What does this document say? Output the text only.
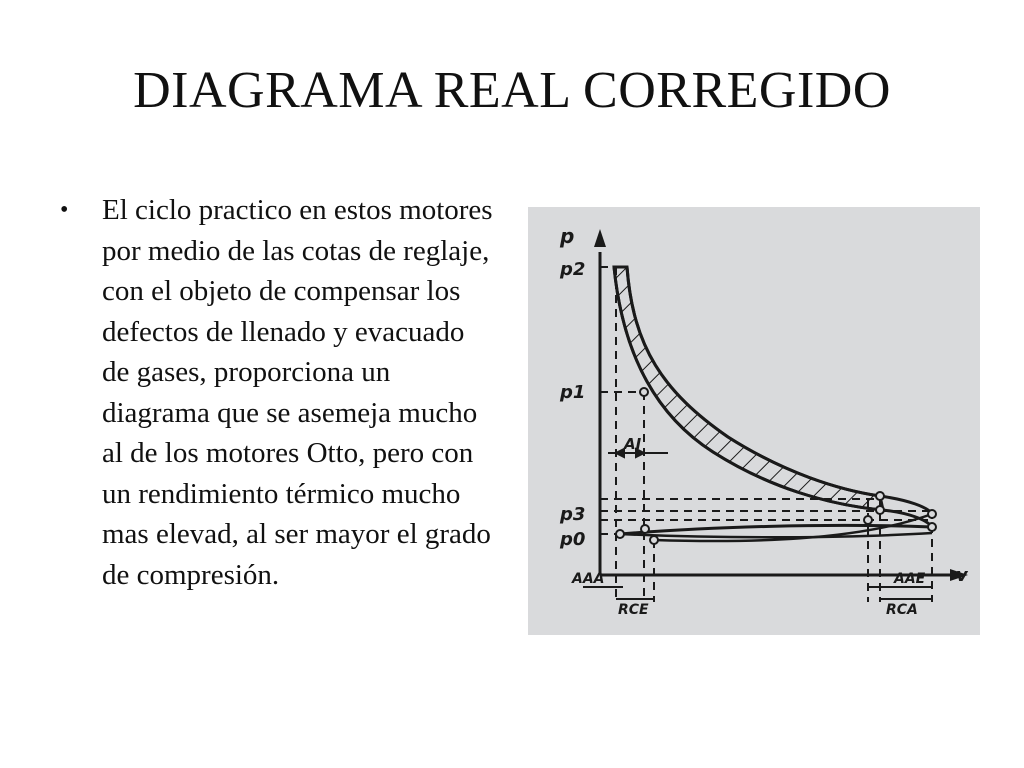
DIAGRAMA REAL CORREGIDO
• El ciclo practico en estos motores por medio de las cotas de reglaje, con el objeto de compensar los defectos de llenado y evacuado de gases, proporciona un diagrama que se asemeja mucho al de los motores Otto, pero con un rendimiento térmico mucho mas elevad, al ser mayor el grado de compresión.
p
p2
p1
p3
p0
AI
AAA
RCE
AAE
RCA
v
